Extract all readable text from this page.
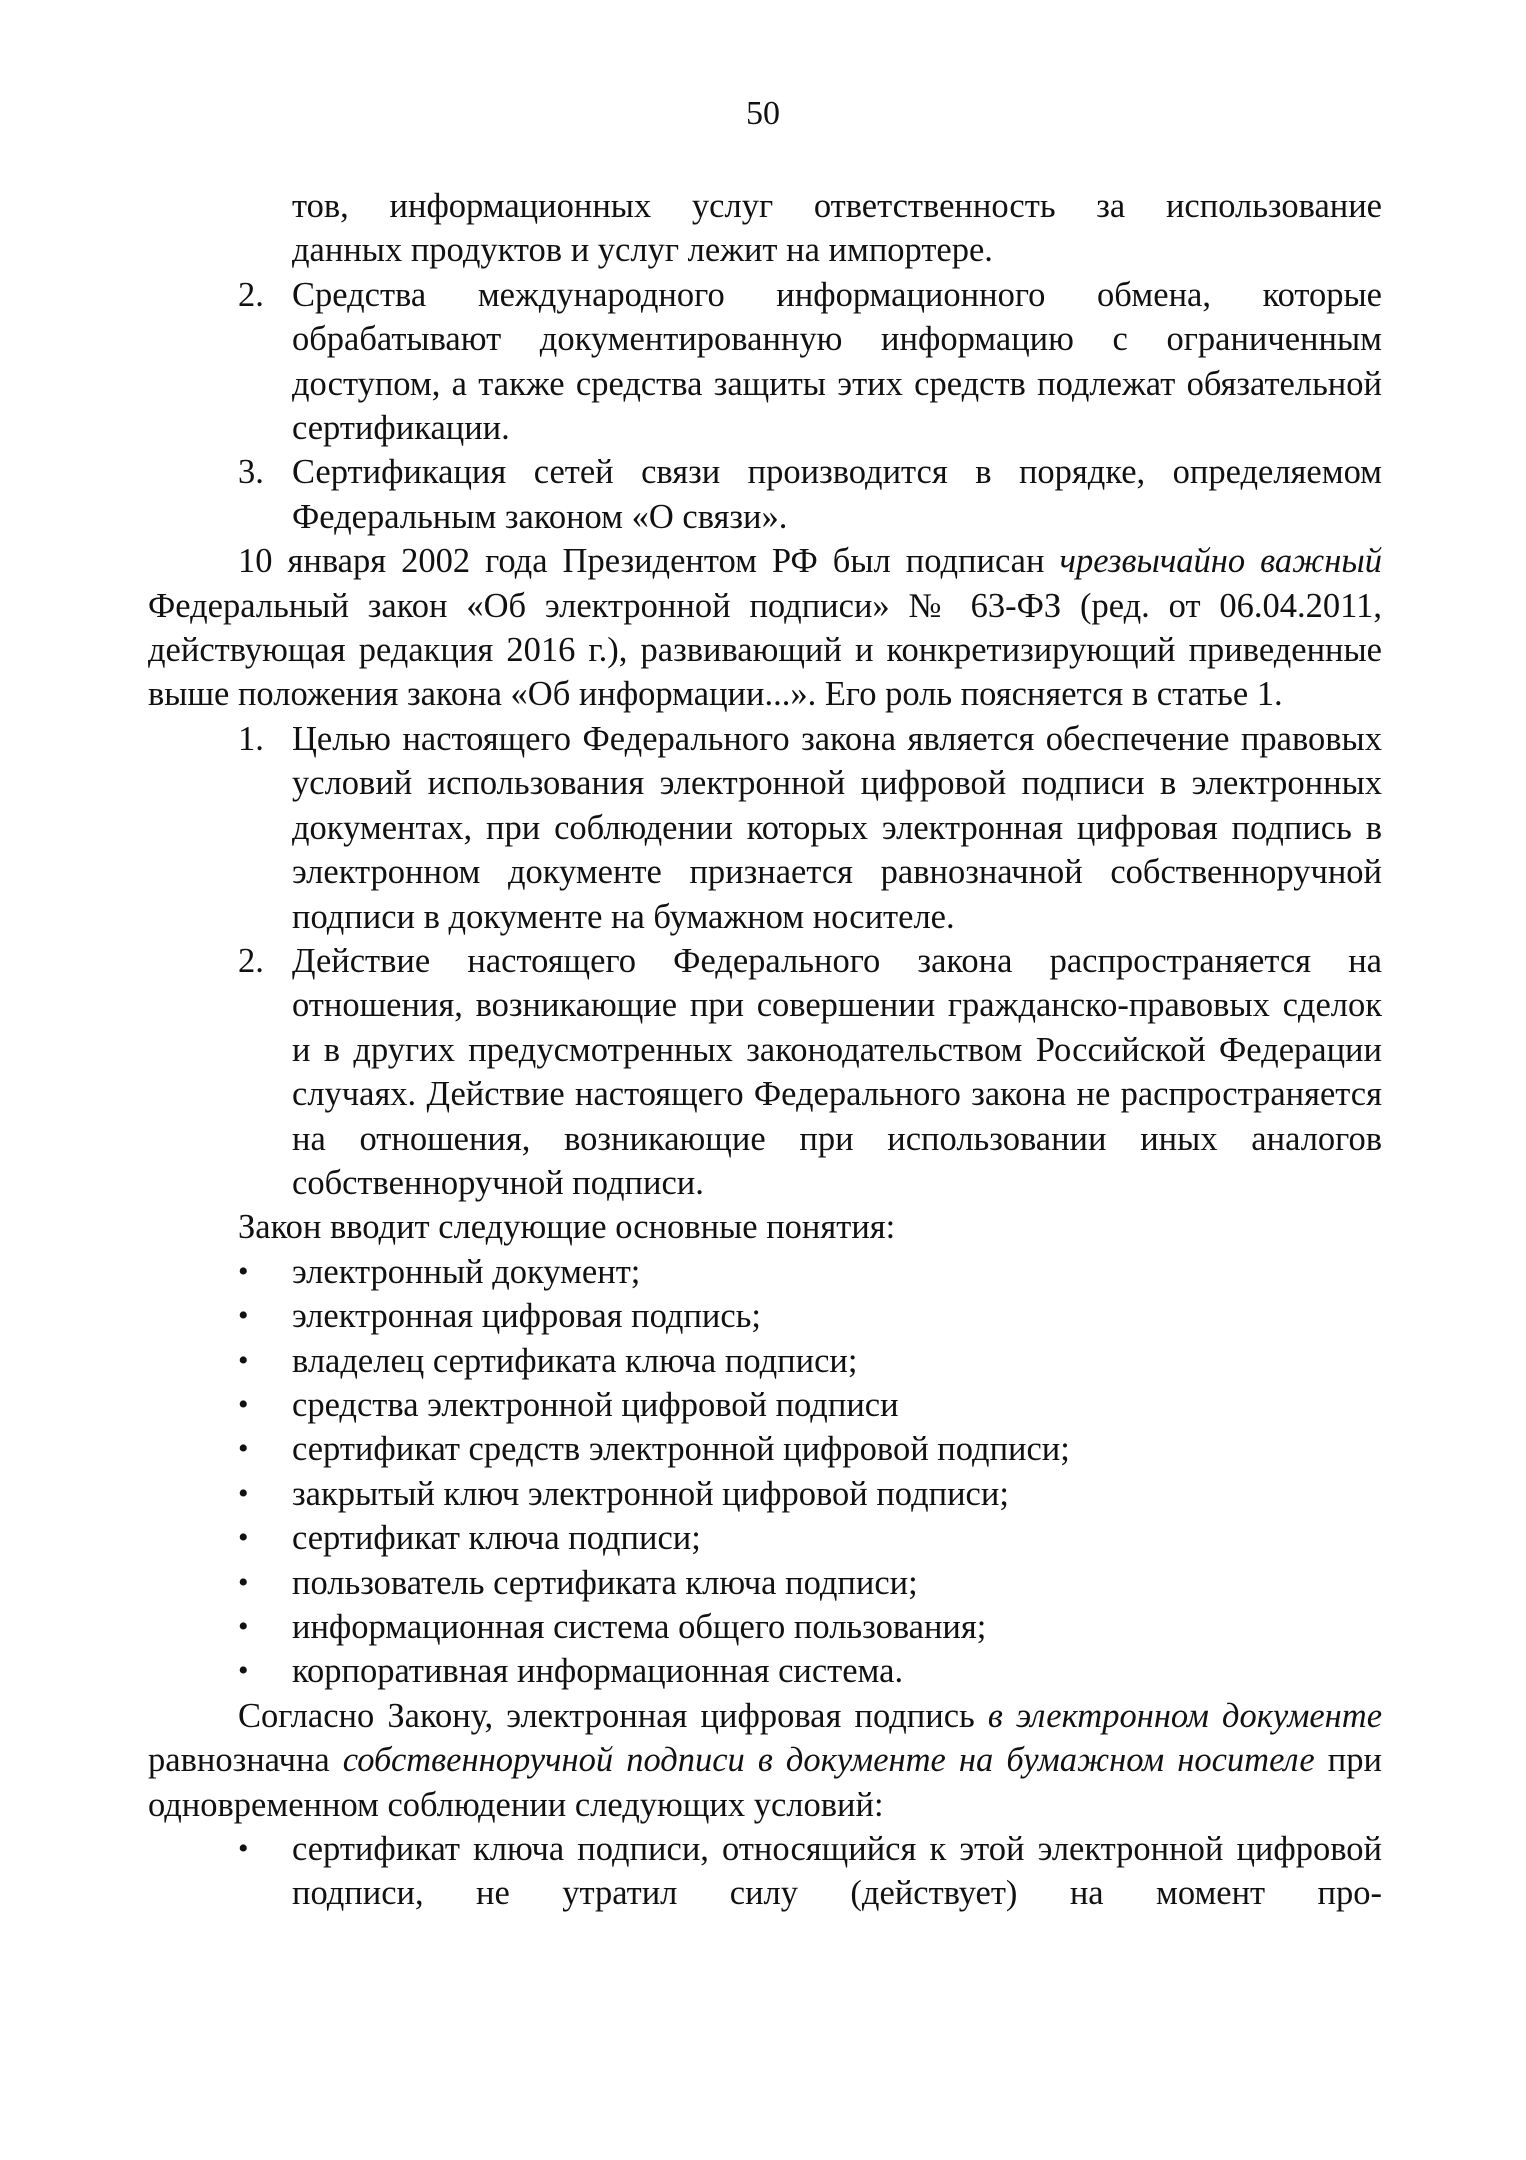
50
тов, информационных услуг ответственность за использование
данных продуктов и услуг лежит на импортере.
2. Средства международного информационного обмена, которые обрабатывают документированную информацию с ограниченным доступом, а также средства защиты этих средств подлежат обязательной сертификации.
3. Сертификация сетей связи производится в порядке, определяемом Федеральным законом «О связи».

10 января 2002 года Президентом РФ был подписан чрезвычайно важный Федеральный закон «Об электронной подписи» № 63-ФЗ (ред. от 06.04.2011, действующая редакция 2016 г.), развивающий и конкретизирующий приведенные выше положения закона «Об информации...». Его роль поясняется в статье 1.

1. Целью настоящего Федерального закона является обеспечение правовых условий использования электронной цифровой подписи в электронных документах, при соблюдении которых электронная цифровая подпись в электронном документе признается равнозначной собственноручной подписи в документе на бумажном носителе.
2. Действие настоящего Федерального закона распространяется на отношения, возникающие при совершении гражданско-правовых сделок и в других предусмотренных законодательством Российской Федерации случаях. Действие настоящего Федерального закона не распространяется на отношения, возникающие при использовании иных аналогов собственноручной подписи.
Закон вводит следующие основные понятия:
•	электронный документ;
•	электронная цифровая подпись;
•	владелец сертификата ключа подписи;
•	средства электронной цифровой подписи
•	сертификат средств электронной цифровой подписи;
•	закрытый ключ электронной цифровой подписи;
•	сертификат ключа подписи;
•	пользователь сертификата ключа подписи;
•	информационная система общего пользования;
•	корпоративная информационная система.

Согласно Закону, электронная цифровая подпись в электронном документе равнозначна собственноручной подписи в документе на бумажном носителе при одновременном соблюдении следующих условий:

•	сертификат ключа подписи, относящийся к этой электронной цифровой подписи, не утратил силу (действует) на момент про-
